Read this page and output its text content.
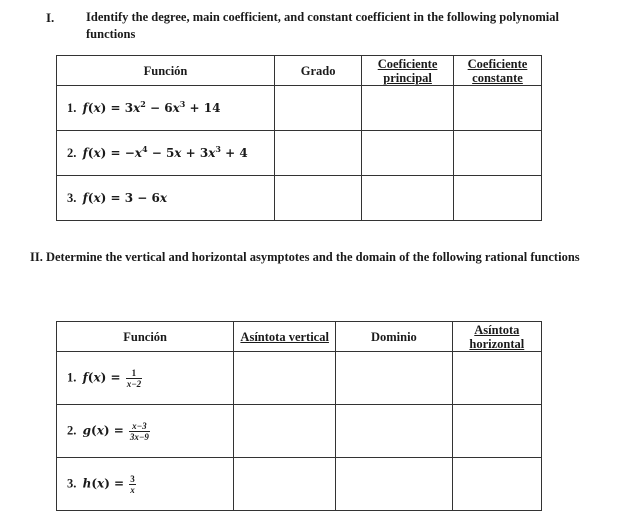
I.	Identify the degree, main coefficient, and constant coefficient in the following polynomial functions
Función	Grado	Coeficiente principal	Coeficiente constante
1. $f(x) = 3x^2 - 6x^3 + 14$			
2. $f(x) = -x^4 - 5x + 3x^3 + 4$			
3. f(x) = 3 − 6x			
II. Determine the vertical and horizontal asymptotes and the domain of the following rational functions
Función	Asíntota vertical	Dominio	Asíntota horizontal
1. $f(x) = \frac{1}{x-2}$

2. $g(x) = \frac{x-3}{3x-9}$

3. $h(x) = \frac{3}{x}$
